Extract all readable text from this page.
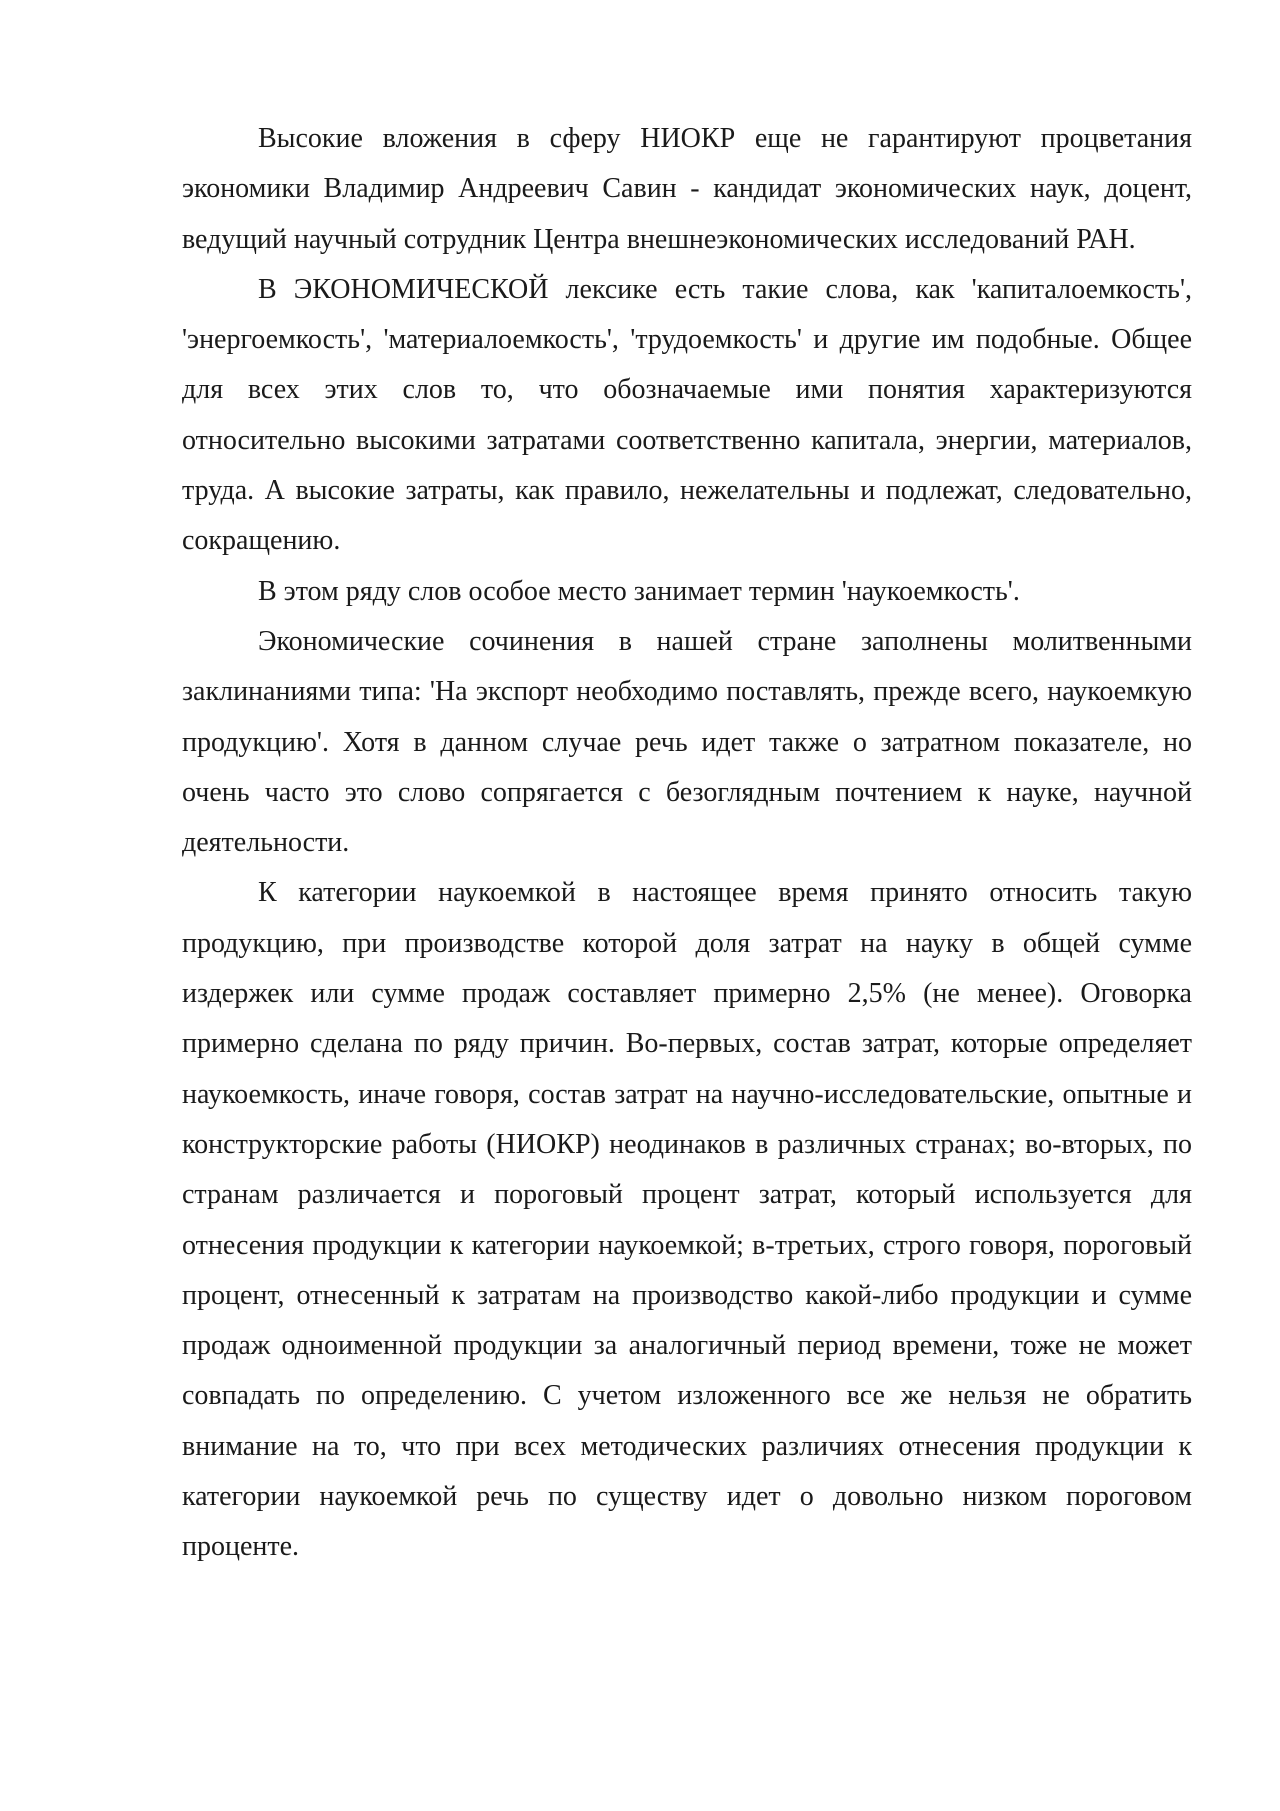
Высокие вложения в сферу НИОКР еще не гарантируют процветания экономики Владимир Андреевич Савин - кандидат экономических наук, доцент, ведущий научный сотрудник Центра внешнеэкономических исследований РАН.

В ЭКОНОМИЧЕСКОЙ лексике есть такие слова, как 'капиталоемкость', 'энергоемкость', 'материалоемкость', 'трудоемкость' и другие им подобные. Общее для всех этих слов то, что обозначаемые ими понятия характеризуются относительно высокими затратами соответственно капитала, энергии, материалов, труда. А высокие затраты, как правило, нежелательны и подлежат, следовательно, сокращению.

В этом ряду слов особое место занимает термин 'наукоемкость'.

Экономические сочинения в нашей стране заполнены молитвенными заклинаниями типа: 'На экспорт необходимо поставлять, прежде всего, наукоемкую продукцию'. Хотя в данном случае речь идет также о затратном показателе, но очень часто это слово сопрягается с безоглядным почтением к науке, научной деятельности.

К категории наукоемкой в настоящее время принято относить такую продукцию, при производстве которой доля затрат на науку в общей сумме издержек или сумме продаж составляет примерно 2,5% (не менее). Оговорка примерно сделана по ряду причин. Во-первых, состав затрат, которые определяет наукоемкость, иначе говоря, состав затрат на научно-исследовательские, опытные и конструкторские работы (НИОКР) неодинаков в различных странах; во-вторых, по странам различается и пороговый процент затрат, который используется для отнесения продукции к категории наукоемкой; в-третьих, строго говоря, пороговый процент, отнесенный к затратам на производство какой-либо продукции и сумме продаж одноименной продукции за аналогичный период времени, тоже не может совпадать по определению. С учетом изложенного все же нельзя не обратить внимание на то, что при всех методических различиях отнесения продукции к категории наукоемкой речь по существу идет о довольно низком пороговом проценте.
